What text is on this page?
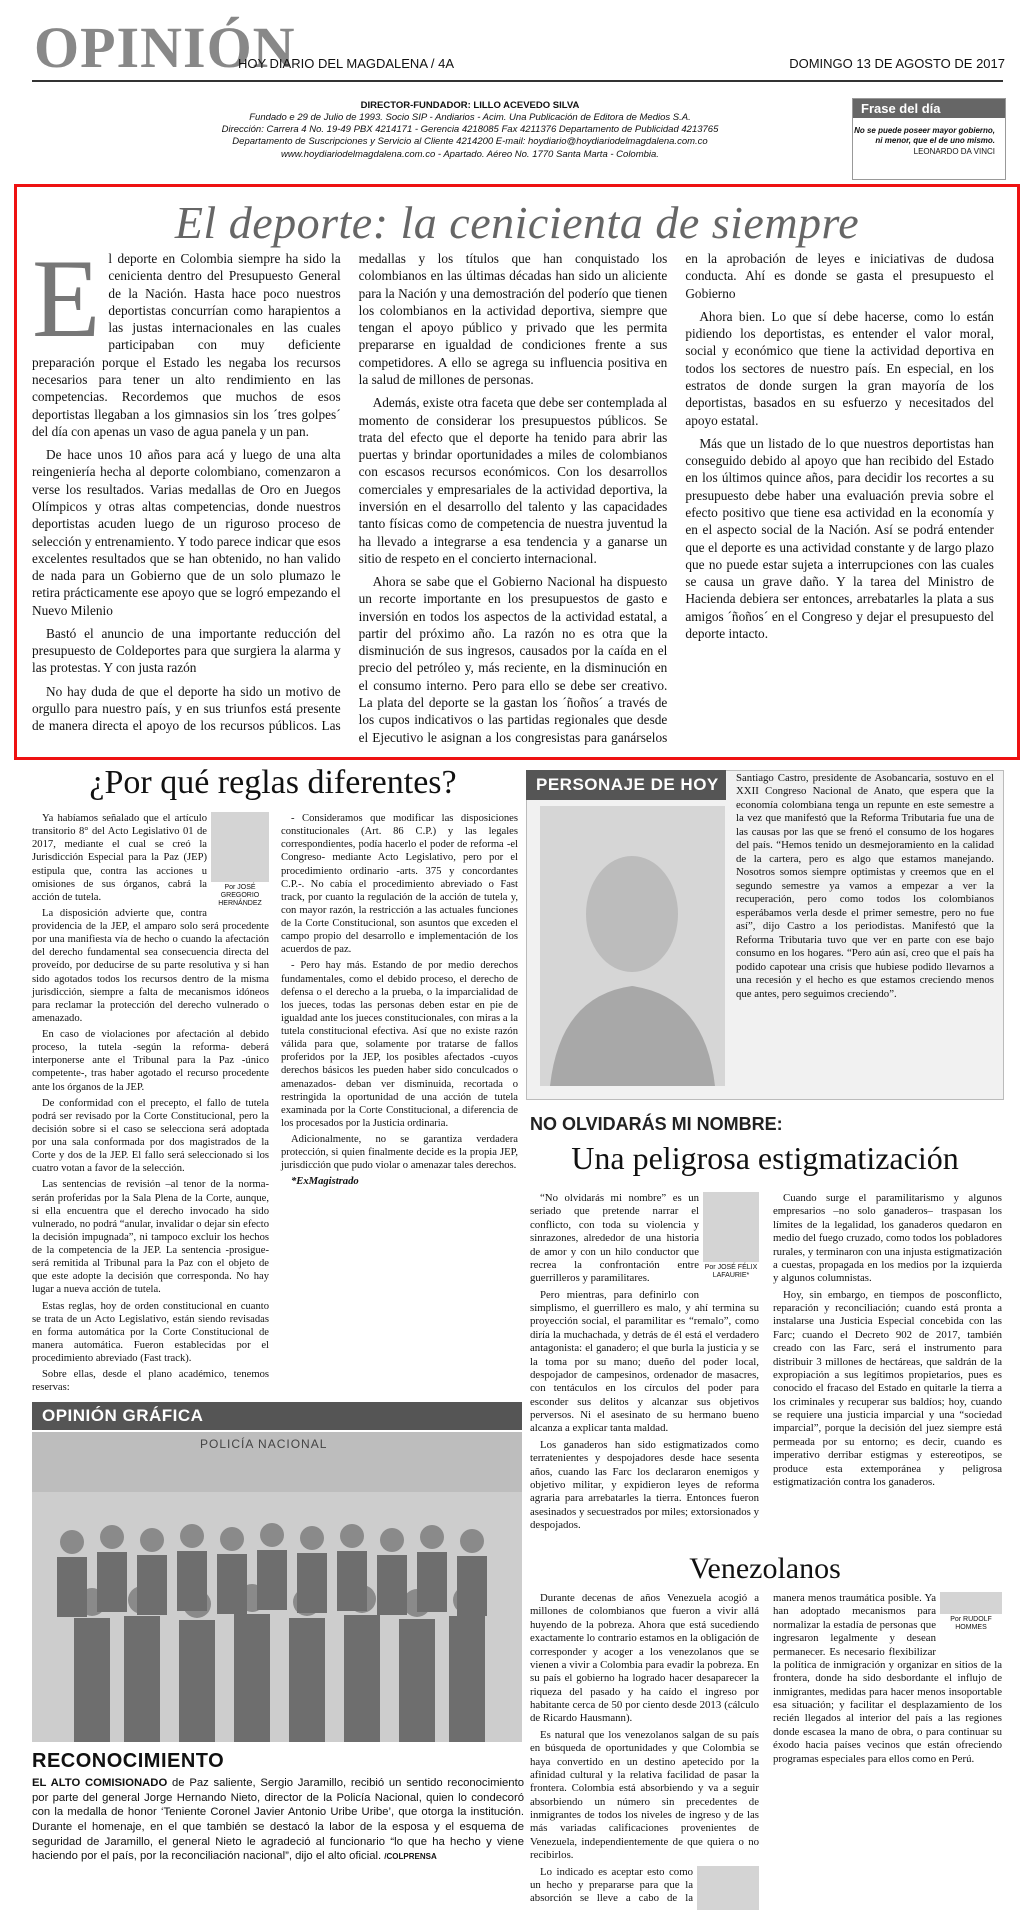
OPINIÓN
HOY DIARIO DEL MAGDALENA / 4A	DOMINGO 13 DE AGOSTO DE 2017
DIRECTOR-FUNDADOR: LILLO ACEVEDO SILVA
Fundado e 29 de Julio de 1993. Socio SIP - Andiarios - Acim. Una Publicación de Editora de Medios S.A.
Dirección: Carrera 4 No. 19-49 PBX 4214171 - Gerencia 4218085 Fax 4211376 Departamento de Publicidad 4213765
Departamento de Suscripciones y Servicio al Cliente 4214200 E-mail: hoydiario@hoydiariodelmagdalena.com.co
www.hoydiariodelmagdalena.com.co - Apartado. Aéreo No. 1770 Santa Marta - Colombia.
Frase del día
No se puede poseer mayor gobierno, ni menor, que el de uno mismo.
LEONARDO DA VINCI
El deporte: la cenicienta de siempre

El deporte en Colombia siempre ha sido la cenicienta dentro del Presupuesto General de la Nación. Hasta hace poco nuestros deportistas concurrían como harapientos a las justas internacionales en las cuales participaban con muy deficiente preparación porque el Estado les negaba los recursos necesarios para tener un alto rendimiento en las competencias. Recordemos que muchos de esos deportistas llegaban a los gimnasios sin los ´tres golpes´ del día con apenas un vaso de agua panela y un pan.

De hace unos 10 años para acá y luego de una alta reingeniería hecha al deporte colombiano, comenzaron a verse los resultados. Varias medallas de Oro en Juegos Olímpicos y otras altas competencias, donde nuestros deportistas acuden luego de un riguroso proceso de selección y entrenamiento. Y todo parece indicar que esos excelentes resultados que se han obtenido, no han valido de nada para un Gobierno que de un solo plumazo le retira prácticamente ese apoyo que se logró empezando el Nuevo Milenio

Bastó el anuncio de una importante reducción del presupuesto de Coldeportes para que surgiera la alarma y las protestas. Y con justa razón

No hay duda de que el deporte ha sido un motivo de orgullo para nuestro país, y en sus triunfos está presente de manera directa el apoyo de los recursos públicos. Las medallas y los títulos que han conquistado los colombianos en las últimas décadas han sido un aliciente para la Nación y una demostración del poderío que tienen los colombianos en la actividad deportiva, siempre que tengan el apoyo público y privado que les permita prepararse en igualdad de condiciones frente a sus competidores. A ello se agrega su influencia positiva en la salud de millones de personas.

Además, existe otra faceta que debe ser contemplada al momento de considerar los presupuestos públicos. Se trata del efecto que el deporte ha tenido para abrir las puertas y brindar oportunidades a miles de colombianos con escasos recursos económicos. Con los desarrollos comerciales y empresariales de la actividad deportiva, la inversión en el desarrollo del talento y las capacidades tanto físicas como de competencia de nuestra juventud la ha llevado a integrarse a esa tendencia y a ganarse un sitio de respeto en el concierto internacional.

Ahora se sabe que el Gobierno Nacional ha dispuesto un recorte importante en los presupuestos de gasto e inversión en todos los aspectos de la actividad estatal, a partir del próximo año. La razón no es otra que la disminución de sus ingresos, causados por la caída en el precio del petróleo y, más reciente, en la disminución en el consumo interno. Pero para ello se debe ser creativo. La plata del deporte se la gastan los ´ñoños´ a través de los cupos indicativos o las partidas regionales que desde el Ejecutivo le asignan a los congresistas para ganárselos en la aprobación de leyes e iniciativas de dudosa conducta. Ahí es donde se gasta el presupuesto el Gobierno

Ahora bien. Lo que sí debe hacerse, como lo están pidiendo los deportistas, es entender el valor moral, social y económico que tiene la actividad deportiva en todos los sectores de nuestro país. En especial, en los estratos de donde surgen la gran mayoría de los deportistas, basados en su esfuerzo y necesitados del apoyo estatal.

Más que un listado de lo que nuestros deportistas han conseguido debido al apoyo que han recibido del Estado en los últimos quince años, para decidir los recortes a su presupuesto debe haber una evaluación previa sobre el efecto positivo que tiene esa actividad en la economía y en el aspecto social de la Nación. Así se podrá entender que el deporte es una actividad constante y de largo plazo que no puede estar sujeta a interrupciones con las cuales se causa un grave daño. Y la tarea del Ministro de Hacienda debiera ser entonces, arrebatarles la plata a sus amigos ´ñoños´ en el Congreso y dejar el presupuesto del deporte intacto.

¿Por qué reglas diferentes?
Por JOSÉ GREGORIO HERNÁNDEZ

Ya habíamos señalado que el artículo transitorio 8° del Acto Legislativo 01 de 2017, mediante el cual se creó la Jurisdicción Especial para la Paz (JEP) estipula que, contra las acciones u omisiones de sus órganos, cabrá la acción de tutela.

La disposición advierte que, contra providencia de la JEP, el amparo solo será procedente por una manifiesta vía de hecho o cuando la afectación del derecho fundamental sea consecuencia directa del proveído, por deducirse de su parte resolutiva y si han sido agotados todos los recursos dentro de la misma jurisdicción, siempre a falta de mecanismos idóneos para reclamar la protección del derecho vulnerado o amenazado.

En caso de violaciones por afectación al debido proceso, la tutela -según la reforma- deberá interponerse ante el Tribunal para la Paz -único competente-, tras haber agotado el recurso procedente ante los órganos de la JEP.

De conformidad con el precepto, el fallo de tutela podrá ser revisado por la Corte Constitucional, pero la decisión sobre si el caso se selecciona será adoptada por una sala conformada por dos magistrados de la Corte y dos de la JEP. El fallo será seleccionado si los cuatro votan a favor de la selección.

Las sentencias de revisión –al tenor de la norma- serán proferidas por la Sala Plena de la Corte, aunque, si ella encuentra que el derecho invocado ha sido vulnerado, no podrá “anular, invalidar o dejar sin efecto la decisión impugnada”, ni tampoco excluir los hechos de la competencia de la JEP. La sentencia -prosigue- será remitida al Tribunal para la Paz con el objeto de que este adopte la decisión que corresponda. No hay lugar a nueva acción de tutela.

Estas reglas, hoy de orden constitucional en cuanto se trata de un Acto Legislativo, están siendo revisadas en forma automática por la Corte Constitucional de manera automática. Fueron establecidas por el procedimiento abreviado (Fast track).

Sobre ellas, desde el plano académico, tenemos reservas:

- Consideramos que modificar las disposiciones constitucionales (Art. 86 C.P.) y las legales correspondientes, podía hacerlo el poder de reforma -el Congreso- mediante Acto Legislativo, pero por el procedimiento ordinario -arts. 375 y concordantes C.P.-. No cabía el procedimiento abreviado o Fast track, por cuanto la regulación de la acción de tutela y, con mayor razón, la restricción a las actuales funciones de la Corte Constitucional, son asuntos que exceden el campo propio del desarrollo e implementación de los acuerdos de paz.

- Pero hay más. Estando de por medio derechos fundamentales, como el debido proceso, el derecho de defensa o el derecho a la prueba, o la imparcialidad de los jueces, todas las personas deben estar en pie de igualdad ante los jueces constitucionales, con miras a la tutela constitucional efectiva. Así que no existe razón válida para que, solamente por tratarse de fallos proferidos por la JEP, los posibles afectados -cuyos derechos básicos les pueden haber sido conculcados o amenazados- deban ver disminuida, recortada o restringida la oportunidad de una acción de tutela examinada por la Corte Constitucional, a diferencia de los procesados por la Justicia ordinaria.

Adicionalmente, no se garantiza verdadera protección, si quien finalmente decide es la propia JEP, jurisdicción que pudo violar o amenazar tales derechos.

*ExMagistrado

PERSONAJE DE HOY	Santiago Castro, presidente de Asobancaria, sostuvo en el XXII Congreso Nacional de Anato, que espera que la economía colombiana tenga un repunte en este semestre a la vez que manifestó que la Reforma Tributaria fue una de las causas por las que se frenó el consumo de los hogares del país. “Hemos tenido un desmejoramiento en la calidad de la cartera, pero es algo que estamos manejando. Nosotros somos siempre optimistas y creemos que en el segundo semestre ya vamos a empezar a ver la recuperación, pero como todos los colombianos esperábamos verla desde el primer semestre, pero no fue así”, dijo Castro a los periodistas. Manifestó que la Reforma Tributaria tuvo que ver en parte con ese bajo consumo en los hogares. “Pero aún así, creo que el país ha podido capotear una crisis que hubiese podido llevarnos a una recesión y el hecho es que estamos creciendo menos que antes, pero seguimos creciendo”.
NO OLVIDARÁS MI NOMBRE:
Una peligrosa estigmatización
Por JOSÉ FÉLIX LAFAURIE*

“No olvidarás mi nombre” es un seriado que pretende narrar el conflicto, con toda su violencia y sinrazones, alrededor de una historia de amor y con un hilo conductor que recrea la confrontación entre guerrilleros y paramilitares.

Pero mientras, para definirlo con simplismo, el guerrillero es malo, y ahí termina su proyección social, el paramilitar es “remalo”, como diría la muchachada, y detrás de él está el verdadero antagonista: el ganadero; el que burla la justicia y se la toma por su mano; dueño del poder local, despojador de campesinos, ordenador de masacres, con tentáculos en los círculos del poder para esconder sus delitos y alcanzar sus objetivos perversos. Ni el asesinato de su hermano bueno alcanza a explicar tanta maldad.

Los ganaderos han sido estigmatizados como terratenientes y despojadores desde hace sesenta años, cuando las Farc los declararon enemigos y objetivo militar, y expidieron leyes de reforma agraria para arrebatarles la tierra. Entonces fueron asesinados y secuestrados por miles; extorsionados y despojados.

Cuando surge el paramilitarismo y algunos empresarios –no solo ganaderos– traspasan los límites de la legalidad, los ganaderos quedaron en medio del fuego cruzado, como todos los pobladores rurales, y terminaron con una injusta estigmatización a cuestas, propagada en los medios por la izquierda y algunos columnistas.

Hoy, sin embargo, en tiempos de posconflicto, reparación y reconciliación; cuando está pronta a instalarse una Justicia Especial concebida con las Farc; cuando el Decreto 902 de 2017, también creado con las Farc, será el instrumento para distribuir 3 millones de hectáreas, que saldrán de la expropiación a sus legítimos propietarios, pues es conocido el fracaso del Estado en quitarle la tierra a los criminales y recuperar sus baldíos; hoy, cuando se requiere una justicia imparcial y una “sociedad imparcial”, porque la decisión del juez siempre está permeada por su entorno; es decir, cuando es imperativo derribar estigmas y estereotipos, se produce esta extemporánea y peligrosa estigmatización contra los ganaderos.

Venezolanos

Durante decenas de años Venezuela acogió a millones de colombianos que fueron a vivir allá huyendo de la pobreza. Ahora que está sucediendo exactamente lo contrario estamos en la obligación de corresponder y acoger a los venezolanos que se vienen a vivir a Colombia para evadir la pobreza. En su país el gobierno ha logrado hacer desaparecer la riqueza del pasado y ha caído el ingreso por habitante cerca de 50 por ciento desde 2013 (cálculo de Ricardo Hausmann).

Es natural que los venezolanos salgan de su país en búsqueda de oportunidades y que Colombia se haya convertido en un destino apetecido por la afinidad cultural y la relativa facilidad de pasar la frontera. Colombia está absorbiendo y va a seguir absorbiendo un número sin precedentes de inmigrantes de todos los niveles de ingreso y de las más variadas calificaciones provenientes de Venezuela, independientemente de que quiera o no recibirlos.

Por RUDOLF HOMMES

Lo indicado es aceptar esto como un hecho y prepararse para que la absorción se lleve a cabo de la manera menos traumática posible. Ya han adoptado mecanismos para normalizar la estadía de personas que ingresaron legalmente y desean permanecer. Es necesario flexibilizar la política de inmigración y organizar en sitios de la frontera, donde ha sido desbordante el influjo de inmigrantes, medidas para hacer menos insoportable esa situación; y facilitar el desplazamiento de los recién llegados al interior del país a las regiones donde escasea la mano de obra, o para continuar su éxodo hacia países vecinos que están ofreciendo programas especiales para ellos como en Perú.

OPINIÓN GRÁFICA
POLICÍA NACIONAL
RECONOCIMIENTO
EL ALTO COMISIONADO de Paz saliente, Sergio Jaramillo, recibió un sentido reconocimiento por parte del general Jorge Hernando Nieto, director de la Policía Nacional, quien lo condecoró con la medalla de honor ‘Teniente Coronel Javier Antonio Uribe Uribe’, que otorga la institución. Durante el homenaje, en el que también se destacó la labor de la esposa y el esquema de seguridad de Jaramillo, el general Nieto le agradeció al funcionario “lo que ha hecho y viene haciendo por el país, por la reconciliación nacional”, dijo el alto oficial. /COLPRENSA
